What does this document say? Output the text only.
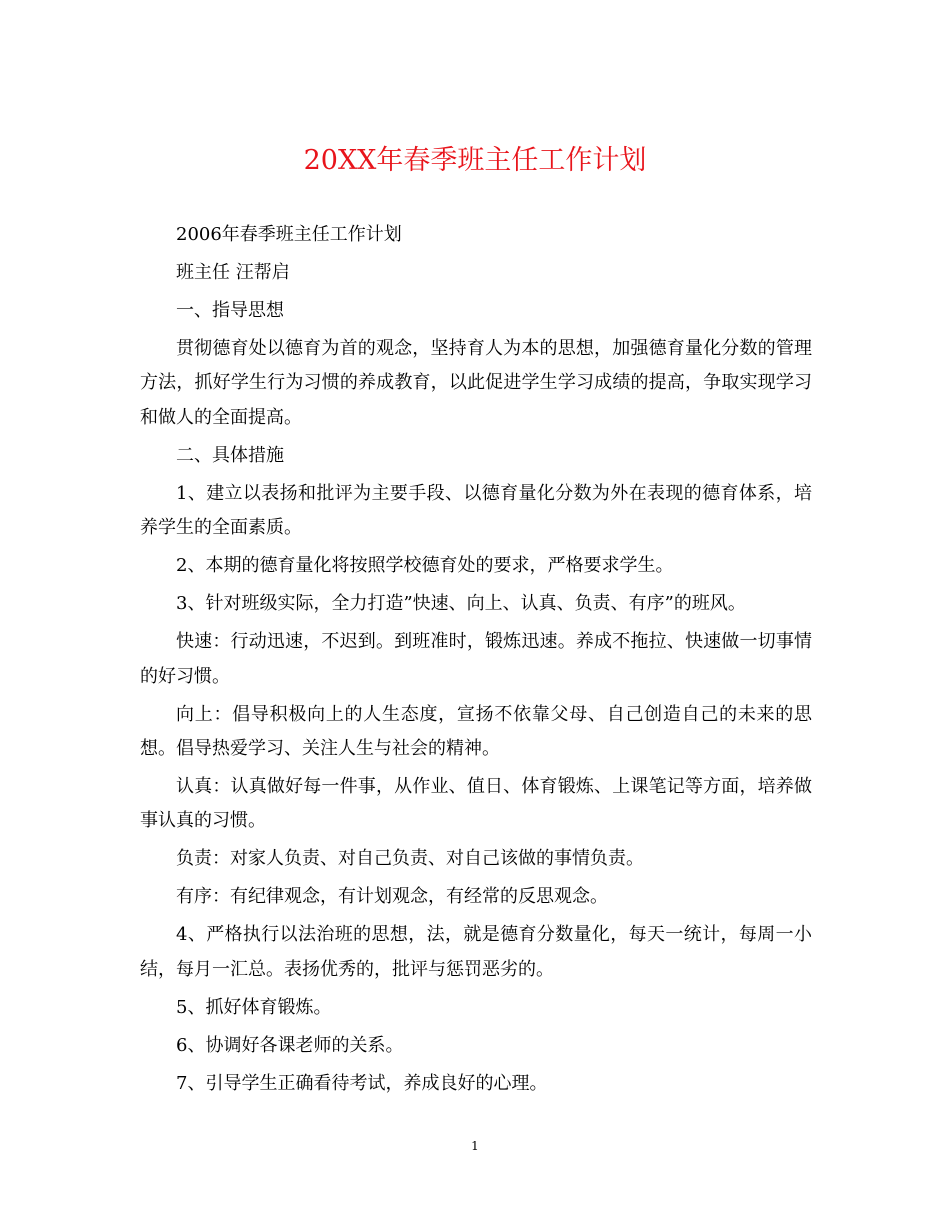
20XX年春季班主任工作计划

2006年春季班主任工作计划

班主任 汪帮启

一、指导思想

贯彻德育处以德育为首的观念，坚持育人为本的思想，加强德育量化分数的管理方法，抓好学生行为习惯的养成教育，以此促进学生学习成绩的提高，争取实现学习和做人的全面提高。

二、具体措施

1、建立以表扬和批评为主要手段、以德育量化分数为外在表现的德育体系，培养学生的全面素质。

2、本期的德育量化将按照学校德育处的要求，严格要求学生。

3、针对班级实际，全力打造”快速、向上、认真、负责、有序”的班风。

快速：行动迅速，不迟到。到班准时，锻炼迅速。养成不拖拉、快速做一切事情的好习惯。

向上：倡导积极向上的人生态度，宣扬不依靠父母、自己创造自己的未来的思想。倡导热爱学习、关注人生与社会的精神。

认真：认真做好每一件事，从作业、值日、体育锻炼、上课笔记等方面，培养做事认真的习惯。

负责：对家人负责、对自己负责、对自己该做的事情负责。

有序：有纪律观念，有计划观念，有经常的反思观念。

4、严格执行以法治班的思想，法，就是德育分数量化，每天一统计，每周一小结，每月一汇总。表扬优秀的，批评与惩罚恶劣的。

5、抓好体育锻炼。

6、协调好各课老师的关系。

7、引导学生正确看待考试，养成良好的心理。

1
